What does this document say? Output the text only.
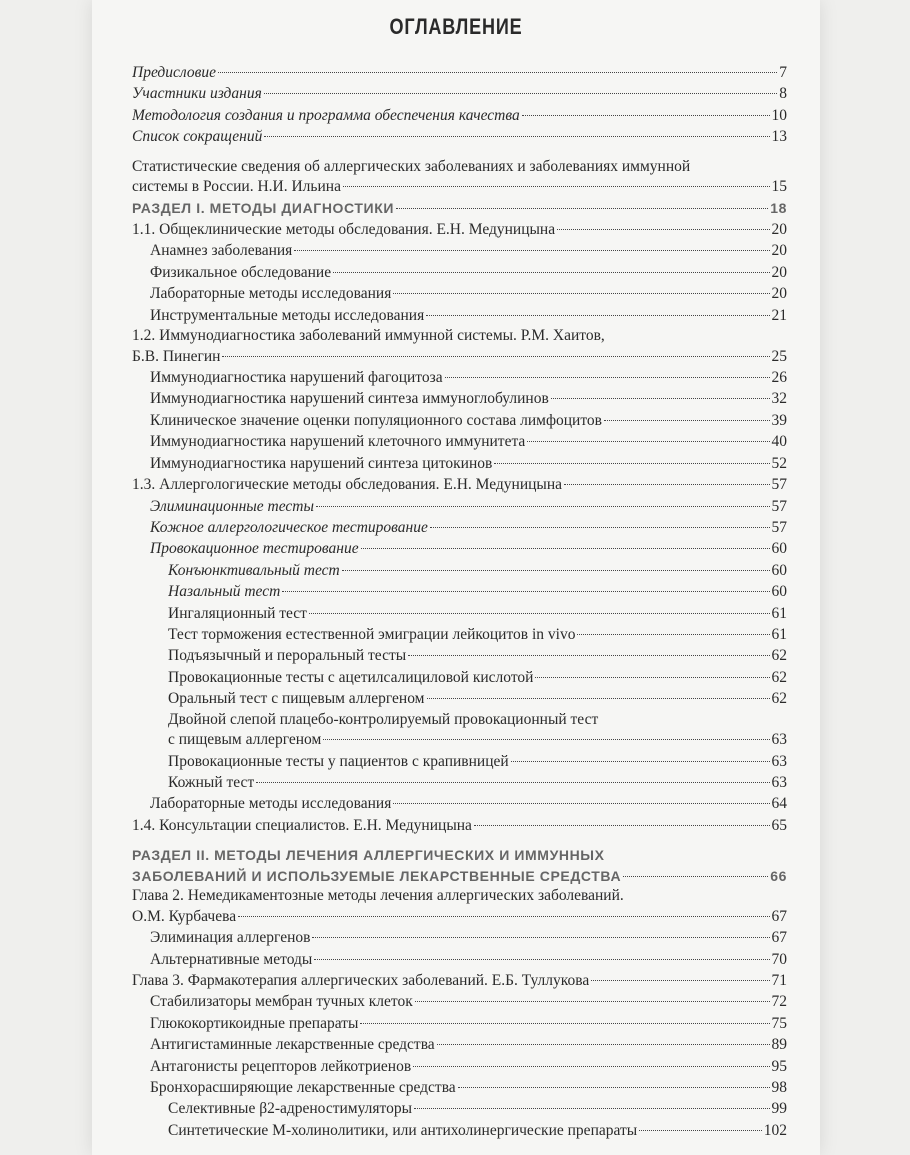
ОГЛАВЛЕНИЕ
Предисловие	7
Участники издания	8
Методология создания и программа обеспечения качества	10
Список сокращений	13
Статистические сведения об аллергических заболеваниях и заболеваниях иммунной
системы в России. Н.И. Ильина	15
РАЗДЕЛ I. МЕТОДЫ ДИАГНОСТИКИ	18
1.1. Общеклинические методы обследования. Е.Н. Медуницына	20
Анамнез заболевания	20
Физикальное обследование	20
Лабораторные методы исследования	20
Инструментальные методы исследования	21
1.2. Иммунодиагностика заболеваний иммунной системы. Р.М. Хаитов,
Б.В. Пинегин	25
Иммунодиагностика нарушений фагоцитоза	26
Иммунодиагностика нарушений синтеза иммуноглобулинов	32
Клиническое значение оценки популяционного состава лимфоцитов	39
Иммунодиагностика нарушений клеточного иммунитета	40
Иммунодиагностика нарушений синтеза цитокинов	52
1.3. Аллергологические методы обследования. Е.Н. Медуницына	57
Элиминационные тесты	57
Кожное аллергологическое тестирование	57
Провокационное тестирование	60
Конъюнктивальный тест	60
Назальный тест	60
Ингаляционный тест	61
Тест торможения естественной эмиграции лейкоцитов in vivo	61
Подъязычный и пероральный тесты	62
Провокационные тесты с ацетилсалициловой кислотой	62
Оральный тест с пищевым аллергеном	62
Двойной слепой плацебо-контролируемый провокационный тест
с пищевым аллергеном	63
Провокационные тесты у пациентов с крапивницей	63
Кожный тест	63
Лабораторные методы исследования	64
1.4. Консультации специалистов. Е.Н. Медуницына	65
РАЗДЕЛ II. МЕТОДЫ ЛЕЧЕНИЯ АЛЛЕРГИЧЕСКИХ И ИММУННЫХ
ЗАБОЛЕВАНИЙ И ИСПОЛЬЗУЕМЫЕ ЛЕКАРСТВЕННЫЕ СРЕДСТВА	66
Глава 2. Немедикаментозные методы лечения аллергических заболеваний.
О.М. Курбачева	67
Элиминация аллергенов	67
Альтернативные методы	70
Глава 3. Фармакотерапия аллергических заболеваний. Е.Б. Туллукова	71
Стабилизаторы мембран тучных клеток	72
Глюкокортикоидные препараты	75
Антигистаминные лекарственные средства	89
Антагонисты рецепторов лейкотриенов	95
Бронхорасширяющие лекарственные средства	98
Селективные β2-адреностимуляторы	99
Синтетические М-холинолитики, или антихолинергические препараты	102
